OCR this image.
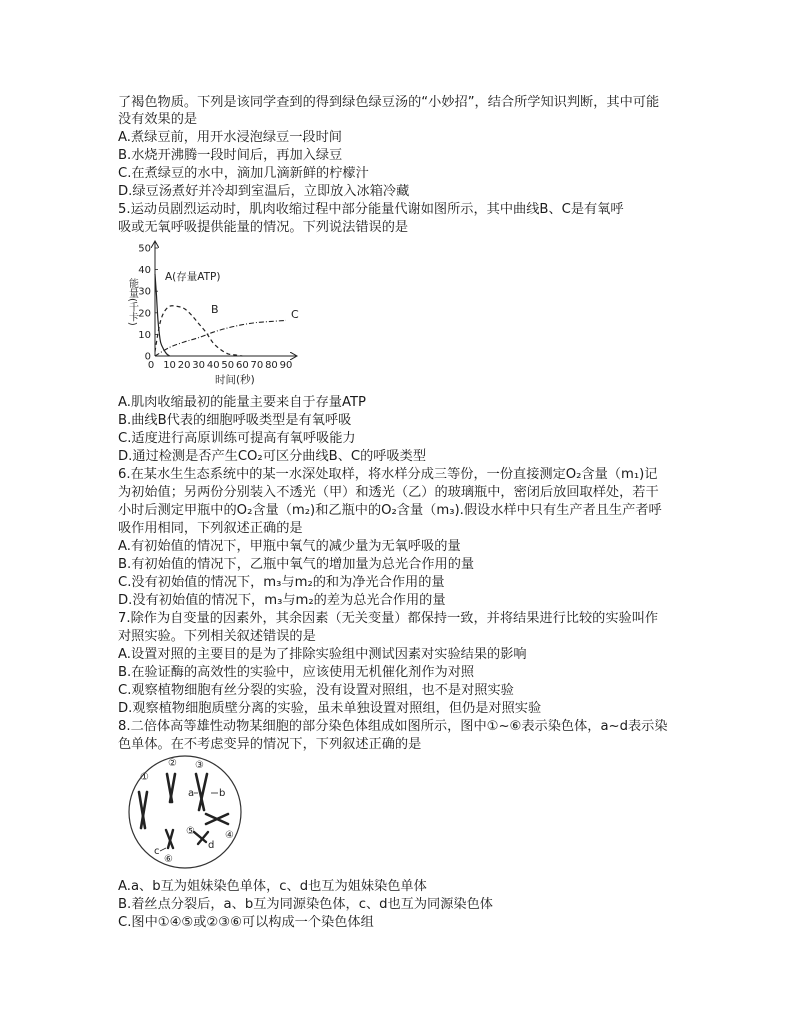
了褐色物质。下列是该同学查到的得到绿色绿豆汤的“小妙招”，结合所学知识判断，其中可能
没有效果的是
A.煮绿豆前，用开水浸泡绿豆一段时间
B.水烧开沸腾一段时间后，再加入绿豆
C.在煮绿豆的水中，滴加几滴新鲜的柠檬汁
D.绿豆汤煮好并冷却到室温后，立即放入冰箱冷藏
5.运动员剧烈运动时，肌肉收缩过程中部分能量代谢如图所示，其中曲线B、C是有氧呼
吸或无氧呼吸提供能量的情况。下列说法错误的是
0
10
20
30
40
50
0 10 20 30 40 50 60 70 80 90
能量(千卡)
时间(秒)
A(存量ATP)
B	C
A.肌肉收缩最初的能量主要来自于存量ATP
B.曲线B代表的细胞呼吸类型是有氧呼吸
C.适度进行高原训练可提高有氧呼吸能力
D.通过检测是否产生CO₂可区分曲线B、C的呼吸类型
6.在某水生生态系统中的某一水深处取样，将水样分成三等份，一份直接测定O₂含量（m₁)记
为初始值；另两份分别装入不透光（甲）和透光（乙）的玻璃瓶中，密闭后放回取样处，若干
小时后测定甲瓶中的O₂含量（m₂)和乙瓶中的O₂含量（m₃).假设水样中只有生产者且生产者呼
吸作用相同，下列叙述正确的是
A.有初始值的情况下，甲瓶中氧气的减少量为无氧呼吸的量
B.有初始值的情况下，乙瓶中氧气的增加量为总光合作用的量
C.没有初始值的情况下，m₃与m₂的和为净光合作用的量
D.没有初始值的情况下，m₃与m₂的差为总光合作用的量
7.除作为自变量的因素外，其余因素（无关变量）都保持一致，并将结果进行比较的实验叫作
对照实验。下列相关叙述错误的是
A.设置对照的主要目的是为了排除实验组中测试因素对实验结果的影响
B.在验证酶的高效性的实验中，应该使用无机催化剂作为对照
C.观察植物细胞有丝分裂的实验，没有设置对照组，也不是对照实验
D.观察植物细胞质壁分离的实验，虽未单独设置对照组，但仍是对照实验
8.二倍体高等雄性动物某细胞的部分染色体组成如图所示，图中①~⑥表示染色体，a~d表示染
色单体。在不考虑变异的情况下，下列叙述正确的是
①
② ③
④
⑤
⑥
a b
c
d
A.a、b互为姐妹染色单体，c、d也互为姐妹染色单体
B.着丝点分裂后，a、b互为同源染色体，c、d也互为同源染色体
C.图中①④⑤或②③⑥可以构成一个染色体组
